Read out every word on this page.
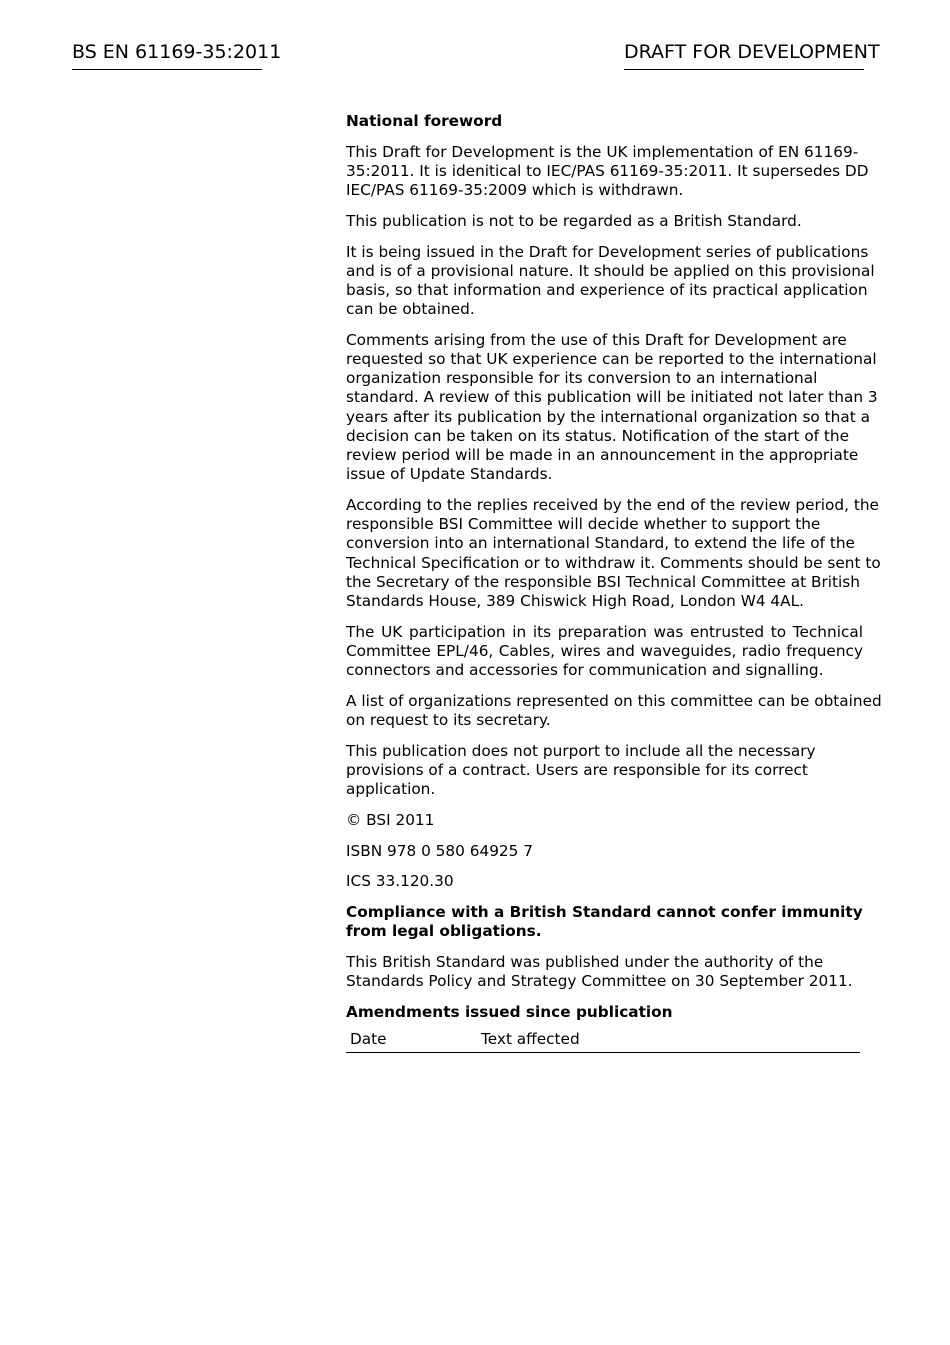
BS EN 61169-35:2011	DRAFT FOR DEVELOPMENT

National foreword

This Draft for Development is the UK implementation of EN 61169-35:2011. It is idenitical to IEC/PAS 61169-35:2011. It supersedes DD IEC/PAS 61169-35:2009 which is withdrawn.

This publication is not to be regarded as a British Standard.

It is being issued in the Draft for Development series of publications and is of a provisional nature. It should be applied on this provisional basis, so that information and experience of its practical application can be obtained.

Comments arising from the use of this Draft for Development are requested so that UK experience can be reported to the international organization responsible for its conversion to an international standard. A review of this publication will be initiated not later than 3 years after its publication by the international organization so that a decision can be taken on its status. Notification of the start of the review period will be made in an announcement in the appropriate issue of Update Standards.

According to the replies received by the end of the review period, the responsible BSI Committee will decide whether to support the conversion into an international Standard, to extend the life of the Technical Specification or to withdraw it. Comments should be sent to the Secretary of the responsible BSI Technical Committee at British Standards House, 389 Chiswick High Road, London W4 4AL.

The UK participation in its preparation was entrusted to Technical Committee EPL/46, Cables, wires and waveguides, radio frequency connectors and accessories for communication and signalling.

A list of organizations represented on this committee can be obtained on request to its secretary.

This publication does not purport to include all the necessary provisions of a contract. Users are responsible for its correct application.

© BSI 2011

ISBN 978 0 580 64925 7

ICS 33.120.30

Compliance with a British Standard cannot confer immunity from legal obligations.

This British Standard was published under the authority of the Standards Policy and Strategy Committee on 30 September 2011.

Amendments issued since publication

Date	Text affected
